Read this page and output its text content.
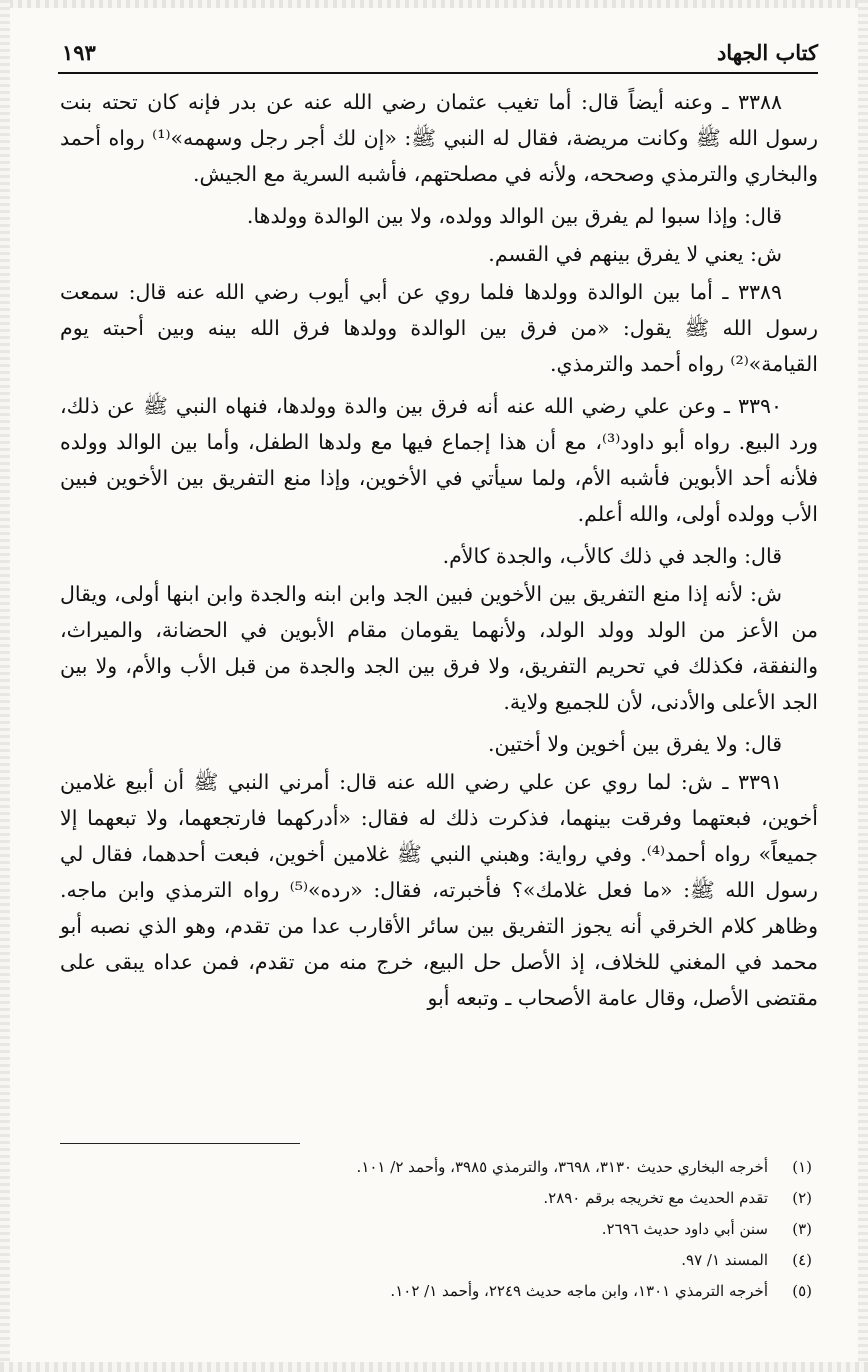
كتاب الجهاد
١٩٣

٣٣٨٨ ـ وعنه أيضاً قال: أما تغيب عثمان رضي الله عنه عن بدر فإنه كان تحته بنت رسول الله ﷺ وكانت مريضة، فقال له النبي ﷺ: «إن لك أجر رجل وسهمه»⁽¹⁾ رواه أحمد والبخاري والترمذي وصححه، ولأنه في مصلحتهم، فأشبه السرية مع الجيش.

قال: وإذا سبوا لم يفرق بين الوالد وولده، ولا بين الوالدة وولدها.

ش: يعني لا يفرق بينهم في القسم.

٣٣٨٩ ـ أما بين الوالدة وولدها فلما روي عن أبي أيوب رضي الله عنه قال: سمعت رسول الله ﷺ يقول: «من فرق بين الوالدة وولدها فرق الله بينه وبين أحبته يوم القيامة»⁽²⁾ رواه أحمد والترمذي.

٣٣٩٠ ـ وعن علي رضي الله عنه أنه فرق بين والدة وولدها، فنهاه النبي ﷺ عن ذلك، ورد البيع. رواه أبو داود⁽³⁾، مع أن هذا إجماع فيها مع ولدها الطفل، وأما بين الوالد وولده فلأنه أحد الأبوين فأشبه الأم، ولما سيأتي في الأخوين، وإذا منع التفريق بين الأخوين فبين الأب وولده أولى، والله أعلم.

قال: والجد في ذلك كالأب، والجدة كالأم.

ش: لأنه إذا منع التفريق بين الأخوين فبين الجد وابن ابنه والجدة وابن ابنها أولى، ويقال من الأعز من الولد وولد الولد، ولأنهما يقومان مقام الأبوين في الحضانة، والميراث، والنفقة، فكذلك في تحريم التفريق، ولا فرق بين الجد والجدة من قبل الأب والأم، ولا بين الجد الأعلى والأدنى، لأن للجميع ولاية.

قال: ولا يفرق بين أخوين ولا أختين.

٣٣٩١ ـ ش: لما روي عن علي رضي الله عنه قال: أمرني النبي ﷺ أن أبيع غلامين أخوين، فبعتهما وفرقت بينهما، فذكرت ذلك له فقال: «أدركهما فارتجعهما، ولا تبعهما إلا جميعاً» رواه أحمد⁽⁴⁾. وفي رواية: وهبني النبي ﷺ غلامين أخوين، فبعت أحدهما، فقال لي رسول الله ﷺ: «ما فعل غلامك»؟ فأخبرته، فقال: «رده»⁽⁵⁾ رواه الترمذي وابن ماجه. وظاهر كلام الخرقي أنه يجوز التفريق بين سائر الأقارب عدا من تقدم، وهو الذي نصبه أبو محمد في المغني للخلاف، إذ الأصل حل البيع، خرج منه من تقدم، فمن عداه يبقى على مقتضى الأصل، وقال عامة الأصحاب ـ وتبعه أبو

(١)
أخرجه البخاري حديث ٣١٣٠، ٣٦٩٨، والترمذي ٣٩٨٥، وأحمد ٢/ ١٠١.
(٢)
تقدم الحديث مع تخريجه برقم ٢٨٩٠.
(٣)
سنن أبي داود حديث ٢٦٩٦.
(٤)
المسند ١/ ٩٧.
(٥)
أخرجه الترمذي ١٣٠١، وابن ماجه حديث ٢٢٤٩، وأحمد ١/ ١٠٢.
